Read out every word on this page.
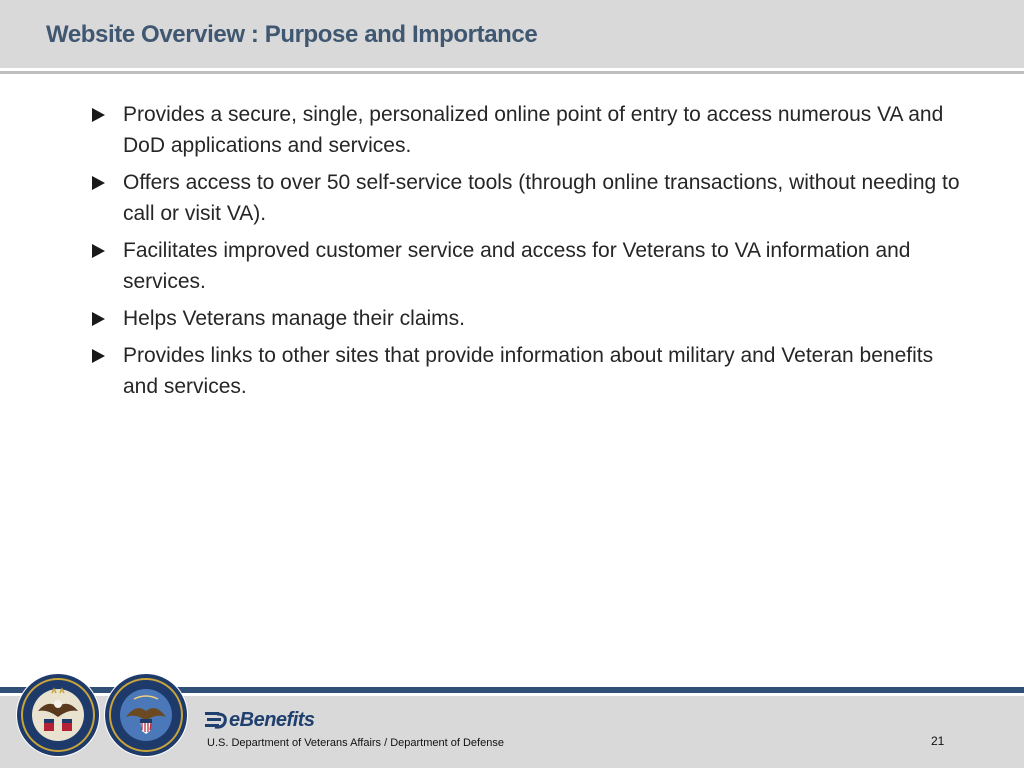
Website Overview : Purpose and Importance
Provides a secure, single, personalized online point of entry to access numerous VA and DoD applications and services.
Offers access to over 50 self-service tools (through online transactions, without needing to call or visit VA).
Facilitates improved customer service and access for Veterans to VA information and services.
Helps Veterans manage their claims.
Provides links to other sites that provide information about military and Veteran benefits and services.
eBenefits
U.S. Department of Veterans Affairs / Department of Defense	21
